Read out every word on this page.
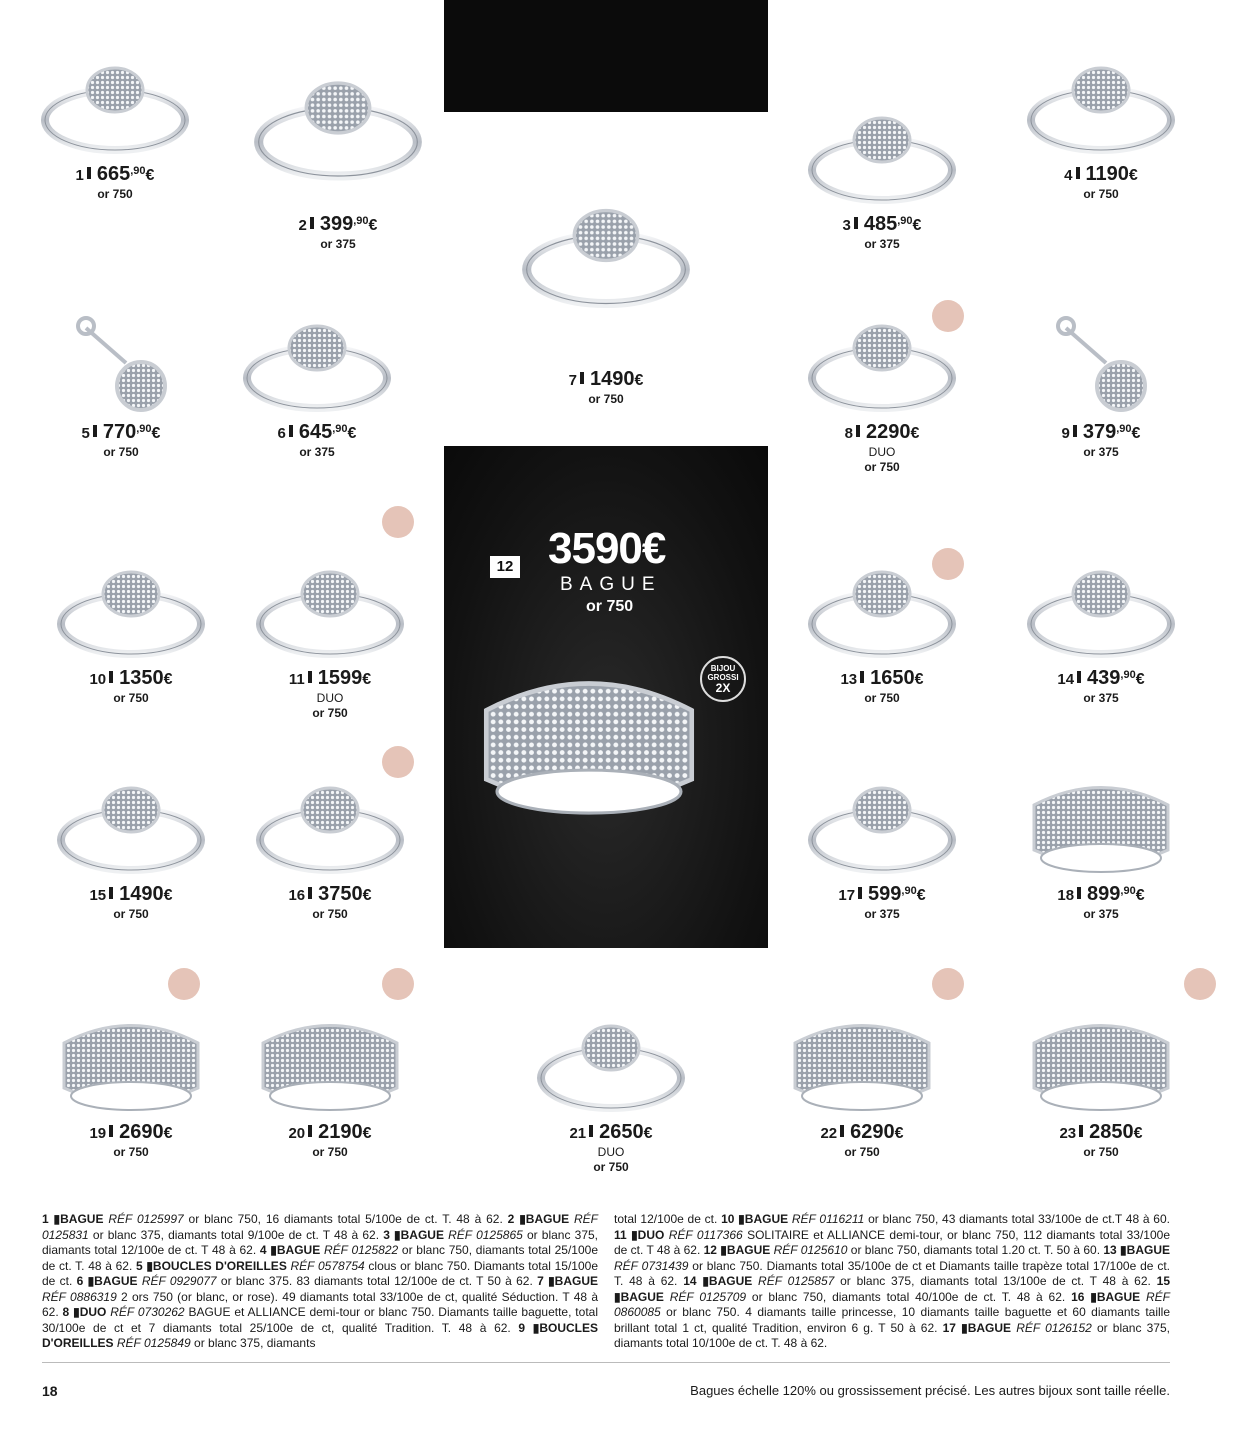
12 3590€
BAGUE
or 750
BIJOU
GROSSI
2X
1 $665^{,90}€$
or 750
2 $399^{,90}€$
or 375
3 $485^{,90}€$
or 375
4 1190€
or 750
5 $770^{,90}€$
or 750
6 $645^{,90}€$
or 375
7 1490€
or 750
8 2290€
DUO
or 750
9 $379^{,90}€$
or 375
10 1350€
or 750
11 1599€
DUO
or 750
13 1650€
or 750
14 $439^{,90}€$
or 375
15 1490€
or 750
16 3750€
or 750
17 $599^{,90}€$
or 375
18 $899^{,90}€$
or 375
19 2690€
or 750
20 2190€
or 750
21 2650€
DUO
or 750
22 6290€
or 750
23 2850€
or 750
1 ▮BAGUE RÉF 0125997 or blanc 750, 16 diamants total 5/100e de ct. T. 48 à 62. 2 ▮BAGUE RÉF 0125831 or blanc 375, diamants total 9/100e de ct. T 48 à 62. 3 ▮BAGUE RÉF 0125865 or blanc 375, diamants total 12/100e de ct. T 48 à 62. 4 ▮BAGUE RÉF 0125822 or blanc 750, diamants total 25/100e de ct. T. 48 à 62. 5 ▮BOUCLES D'OREILLES RÉF 0578754 clous or blanc 750. Diamants total 15/100e de ct. 6 ▮BAGUE RÉF 0929077 or blanc 375. 83 diamants total 12/100e de ct. T 50 à 62. 7 ▮BAGUE RÉF 0886319 2 ors 750 (or blanc, or rose). 49 diamants total 33/100e de ct, qualité Séduction. T 48 à 62. 8 ▮DUO RÉF 0730262 BAGUE et ALLIANCE demi-tour or blanc 750. Diamants taille baguette, total 30/100e de ct et 7 diamants total 25/100e de ct, qualité Tradition. T. 48 à 62. 9 ▮BOUCLES D'OREILLES RÉF 0125849 or blanc 375, diamants
total 12/100e de ct. 10 ▮BAGUE RÉF 0116211 or blanc 750, 43 diamants total 33/100e de ct.T 48 à 60. 11 ▮DUO RÉF 0117366 SOLITAIRE et ALLIANCE demi-tour, or blanc 750, 112 diamants total 33/100e de ct. T 48 à 62. 12 ▮BAGUE RÉF 0125610 or blanc 750, diamants total 1.20 ct. T. 50 à 60. 13 ▮BAGUE RÉF 0731439 or blanc 750. Diamants total 35/100e de ct et Diamants taille trapèze total 17/100e de ct. T. 48 à 62. 14 ▮BAGUE RÉF 0125857 or blanc 375, diamants total 13/100e de ct. T 48 à 62. 15 ▮BAGUE RÉF 0125709 or blanc 750, diamants total 40/100e de ct. T. 48 à 62. 16 ▮BAGUE RÉF 0860085 or blanc 750. 4 diamants taille princesse, 10 diamants taille baguette et 60 diamants taille brillant total 1 ct, qualité Tradition, environ 6 g. T 50 à 62. 17 ▮BAGUE RÉF 0126152 or blanc 375, diamants total 10/100e de ct. T. 48 à 62.
18	Bagues échelle 120% ou grossissement précisé. Les autres bijoux sont taille réelle.
